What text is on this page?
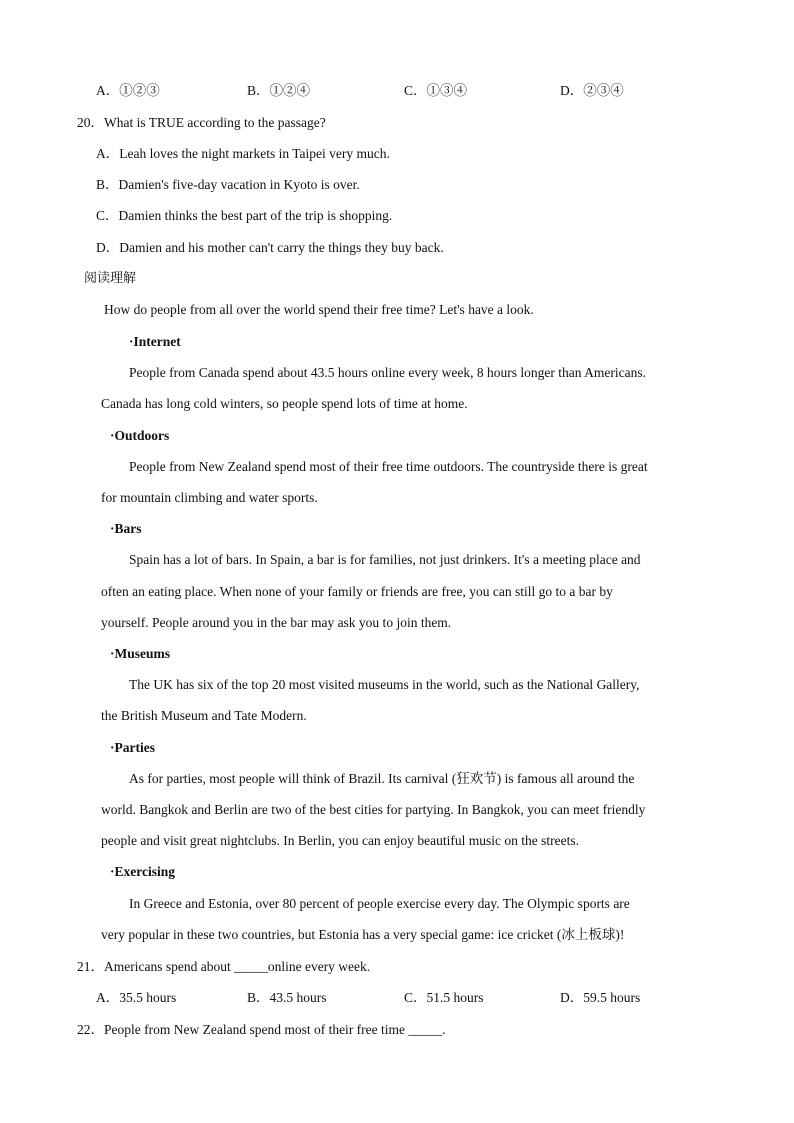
A．①②③	B．①②④	C．①③④	D．②③④
20．What is TRUE according to the passage?
A．Leah loves the night markets in Taipei very much.
B．Damien's five-day vacation in Kyoto is over.
C．Damien thinks the best part of the trip is shopping.
D．Damien and his mother can't carry the things they buy back.
阅读理解
How do people from all over the world spend their free time? Let's have a look.
·Internet
People from Canada spend about 43.5 hours online every week, 8 hours longer than Americans.
Canada has long cold winters, so people spend lots of time at home.
·Outdoors
People from New Zealand spend most of their free time outdoors. The countryside there is great
for mountain climbing and water sports.
·Bars
Spain has a lot of bars. In Spain, a bar is for families, not just drinkers. It's a meeting place and
often an eating place. When none of your family or friends are free, you can still go to a bar by
yourself. People around you in the bar may ask you to join them.
·Museums
The UK has six of the top 20 most visited museums in the world, such as the National Gallery,
the British Museum and Tate Modern.
·Parties
As for parties, most people will think of Brazil. Its carnival (狂欢节) is famous all around the
world. Bangkok and Berlin are two of the best cities for partying. In Bangkok, you can meet friendly
people and visit great nightclubs. In Berlin, you can enjoy beautiful music on the streets.
·Exercising
In Greece and Estonia, over 80 percent of people exercise every day. The Olympic sports are
very popular in these two countries, but Estonia has a very special game: ice cricket (冰上板球)!
21．Americans spend about _____online every week.
A．35.5 hours	B．43.5 hours	C．51.5 hours	D．59.5 hours
22．People from New Zealand spend most of their free time _____.
